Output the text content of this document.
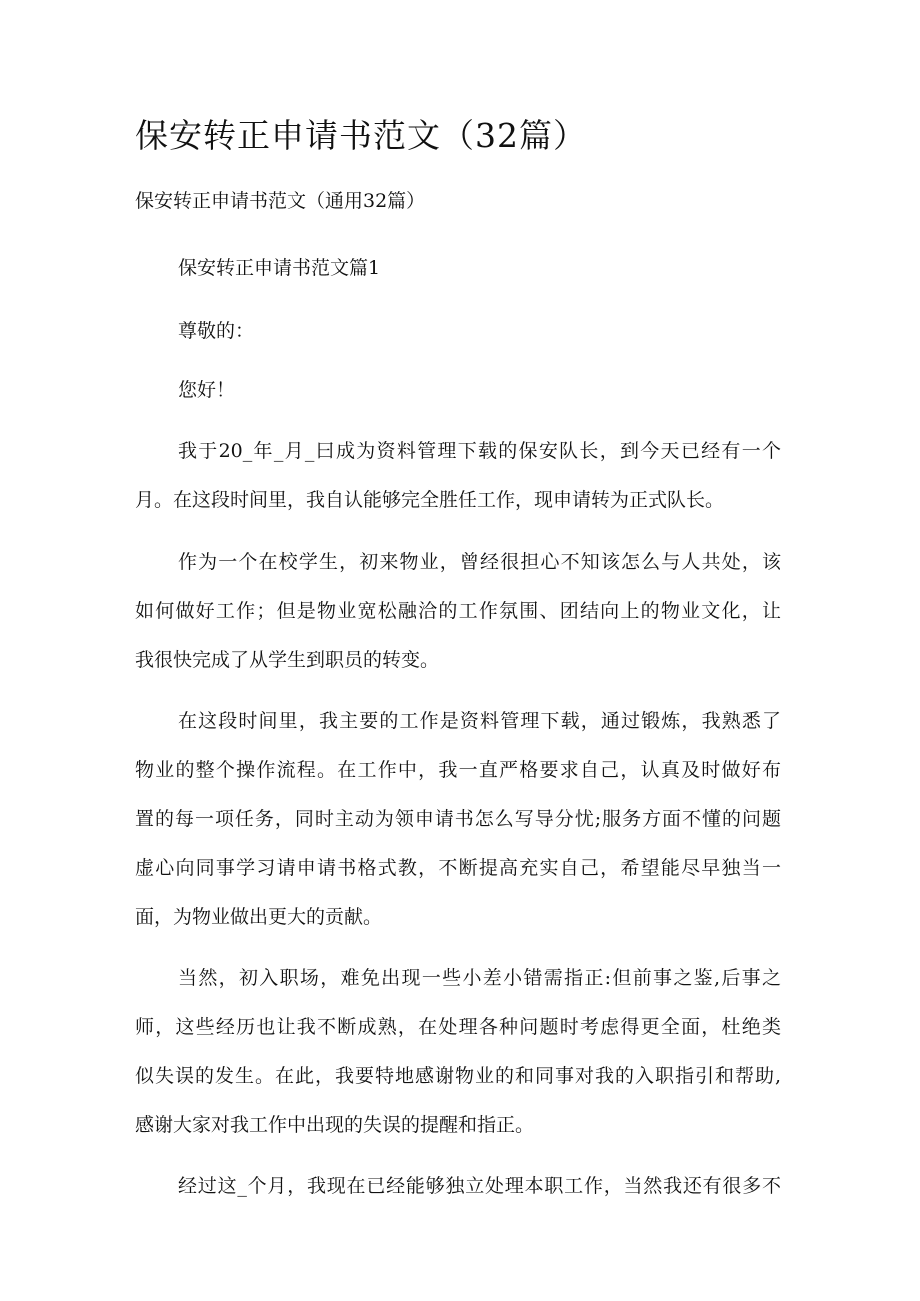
保安转正申请书范文（32篇）

保安转正申请书范文（通用32篇）

保安转正申请书范文篇1

尊敬的：

您好！

我于20_年_月_曰成为资料管理下载的保安队长，到今天已经有一个

月。在这段时间里，我自认能够完全胜任工作，现申请转为正式队长。

作为一个在校学生，初来物业，曾经很担心不知该怎么与人共处，该

如何做好工作；但是物业宽松融洽的工作氛围、团结向上的物业文化，让

我很快完成了从学生到职员的转变。

在这段时间里，我主要的工作是资料管理下载，通过锻炼，我熟悉了

物业的整个操作流程。在工作中，我一直严格要求自己，认真及时做好布

置的每一项任务，同时主动为领申请书怎么写导分忧;服务方面不懂的问题

虚心向同事学习请申请书格式教，不断提高充实自己，希望能尽早独当一

面，为物业做出更大的贡献。

当然，初入职场，难免出现一些小差小错需指正:但前事之鉴,后事之

师，这些经历也让我不断成熟，在处理各种问题时考虑得更全面，杜绝类

似失误的发生。在此，我要特地感谢物业的和同事对我的入职指引和帮助,

感谢大家对我工作中出现的失误的提醒和指正。

经过这_个月，我现在已经能够独立处理本职工作，当然我还有很多不
